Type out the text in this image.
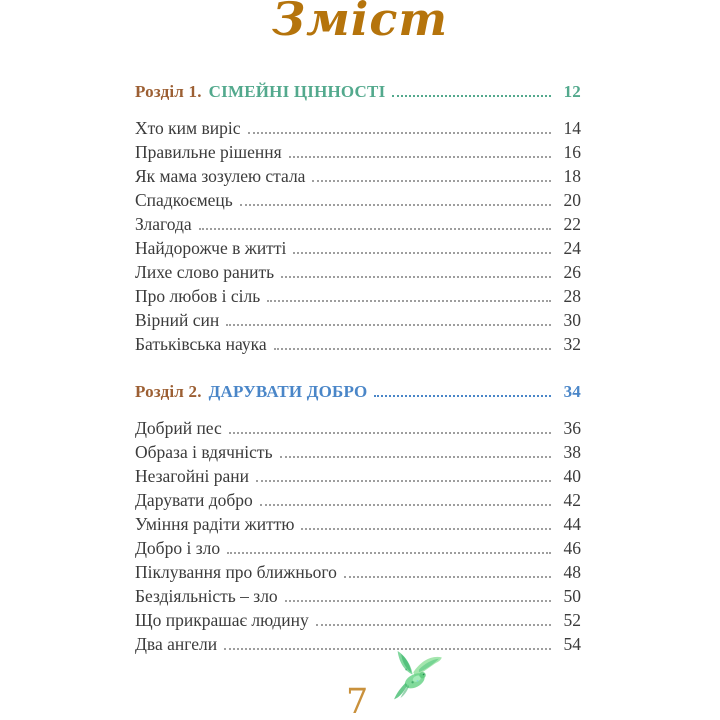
Зміст
Розділ 1. СІМЕЙНІ ЦІННОСТІ	12
Хто ким виріс	14
Правильне рішення	16
Як мама зозулею стала	18
Спадкоємець	20
Злагода	22
Найдорожче в житті	24
Лихе слово ранить	26
Про любов і сіль	28
Вірний син	30
Батьківська наука	32
Розділ 2. ДАРУВАТИ ДОБРО	34
Добрий пес	36
Образа і вдячність	38
Незагойні рани	40
Дарувати добро	42
Уміння радіти життю	44
Добро і зло	46
Піклування про ближнього	48
Бездіяльність – зло	50
Що прикрашає людину	52
Два ангели	54
7
